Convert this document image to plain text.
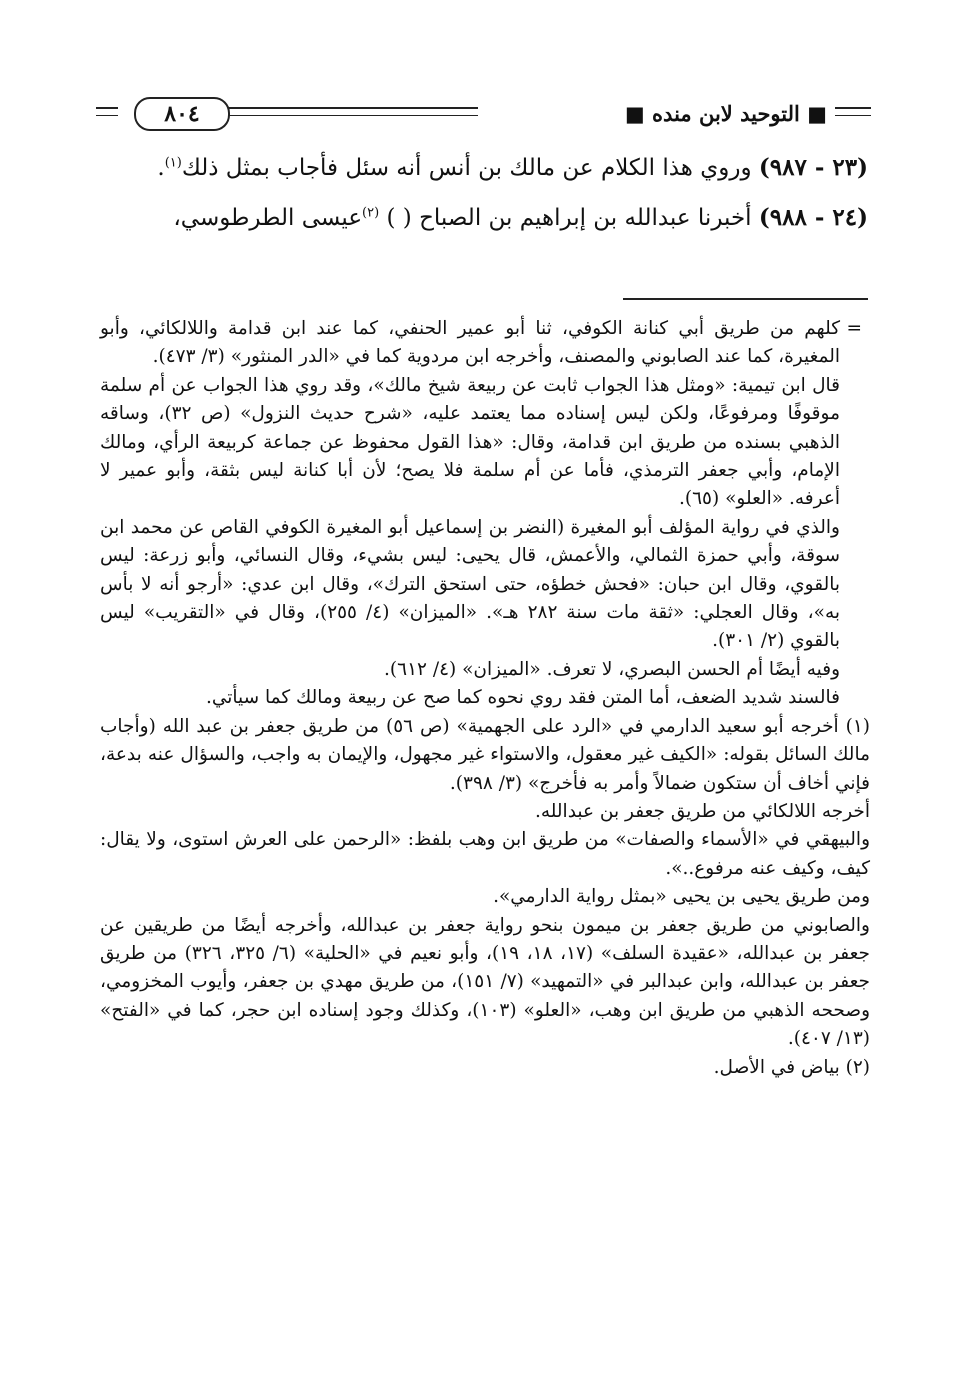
■ التوحيد لابن منده ■
٨٠٤

(٢٣ - ٩٨٧) وروي هذا الكلام عن مالك بن أنس أنه سئل فأجاب بمثل ذلك$^{(١)}$.

(٢٤ - ٩٨٨) أخبرنا عبدالله بن إبراهيم بن الصباح ( ) $^{(٢)}$عيسى الطرطوسي،

=كلهم من طريق أبي كنانة الكوفي، ثنا أبو عمير الحنفي، كما عند ابن قدامة واللالكائي، وأبو المغيرة، كما عند الصابوني والمصنف، وأخرجه ابن مردوية كما في «الدر المنثور» (٣/ ٤٧٣).

قال ابن تيمية: «ومثل هذا الجواب ثابت عن ربيعة شيخ مالك»، وقد روي هذا الجواب عن أم سلمة موقوفًا ومرفوعًا، ولكن ليس إسناده مما يعتمد عليه، «شرح حديث النزول» (ص ٣٢)، وساقه الذهبي بسنده من طريق ابن قدامة، وقال: «هذا القول محفوظ عن جماعة كربيعة الرأي، ومالك الإمام، وأبي جعفر الترمذي، فأما عن أم سلمة فلا يصح؛ لأن أبا كنانة ليس بثقة، وأبو عمير لا أعرفه. «العلو» (٦٥).

والذي في رواية المؤلف أبو المغيرة (النضر بن إسماعيل أبو المغيرة الكوفي القاص عن محمد ابن سوقة، وأبي حمزة الثمالي، والأعمش، قال يحيى: ليس بشيء، وقال النسائي، وأبو زرعة: ليس بالقوي، وقال ابن حبان: «فحش خطؤه، حتى استحق الترك»، وقال ابن عدي: «أرجو أنه لا بأس به»، وقال العجلي: «ثقة مات سنة ٢٨٢ هـ». «الميزان» (٤/ ٢٥٥)، وقال في «التقريب» ليس بالقوي (٢/ ٣٠١).

وفيه أيضًا أم الحسن البصري، لا تعرف. «الميزان» (٤/ ٦١٢).

فالسند شديد الضعف، أما المتن فقد روي نحوه كما صح عن ربيعة ومالك كما سيأتي.

(١) أخرجه أبو سعيد الدارمي في «الرد على الجهمية» (ص ٥٦) من طريق جعفر بن عبد الله (وأجاب مالك السائل بقوله: «الكيف غير معقول، والاستواء غير مجهول، والإيمان به واجب، والسؤال عنه بدعة، فإني أخاف أن ستكون ضمالاً وأمر به فأخرج» (٣/ ٣٩٨).

أخرجه اللالكائي من طريق جعفر بن عبدالله.

والبيهقي في «الأسماء والصفات» من طريق ابن وهب بلفظ: «الرحمن على العرش استوى، ولا يقال: كيف، وكيف عنه مرفوع..».

ومن طريق يحيى بن يحيى «بمثل رواية الدارمي».

والصابوني من طريق جعفر بن ميمون بنحو رواية جعفر بن عبدالله، وأخرجه أيضًا من طريقين عن جعفر بن عبدالله، «عقيدة السلف» (١٧، ١٨، ١٩)، وأبو نعيم في «الحلية» (٦/ ٣٢٥، ٣٢٦) من طريق جعفر بن عبدالله، وابن عبدالبر في «التمهيد» (٧/ ١٥١)، من طريق مهدي بن جعفر، وأيوب المخزومي، وصححه الذهبي من طريق ابن وهب، «العلو» (١٠٣)، وكذلك وجود إسناده ابن حجر، كما في «الفتح» (١٣/ ٤٠٧).

(٢) بياض في الأصل.
